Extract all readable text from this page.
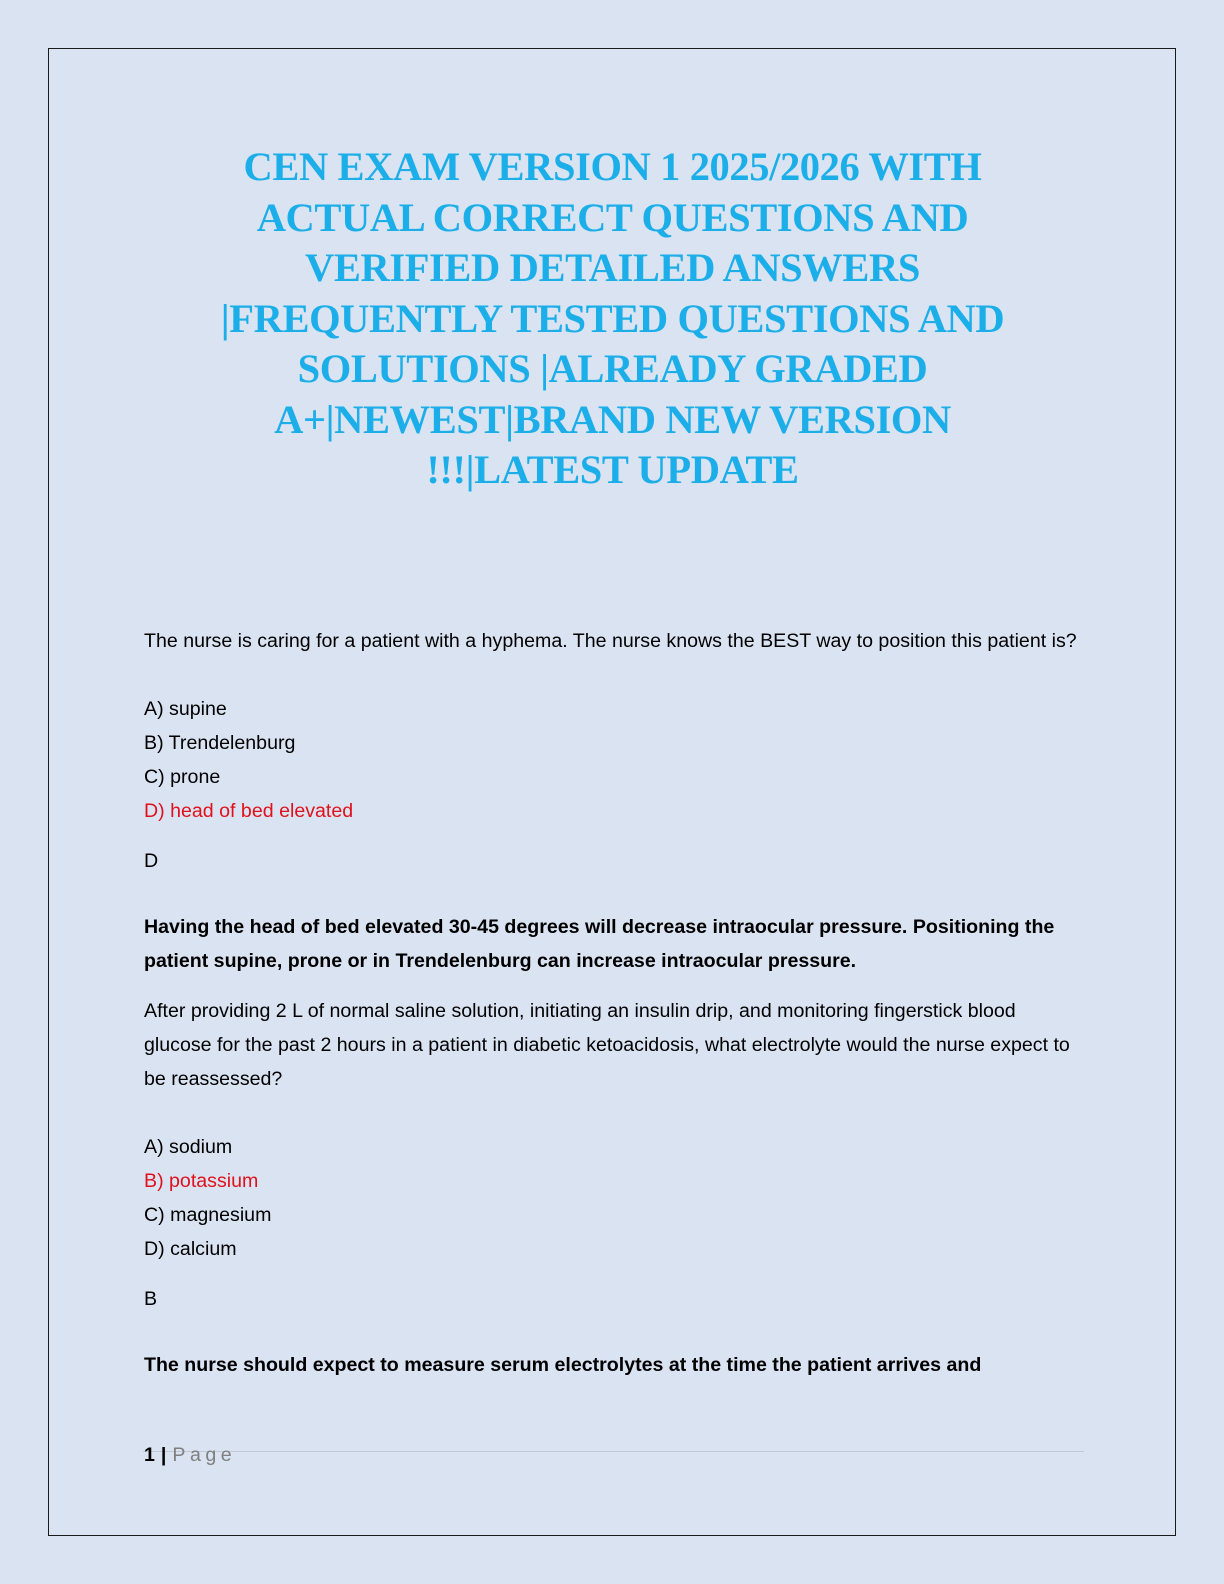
CEN EXAM VERSION 1 2025/2026 WITH
ACTUAL CORRECT QUESTIONS AND
VERIFIED DETAILED ANSWERS
|FREQUENTLY TESTED QUESTIONS AND
SOLUTIONS |ALREADY GRADED
A+|NEWEST|BRAND NEW VERSION
!!!|LATEST UPDATE

The nurse is caring for a patient with a hyphema. The nurse knows the BEST way to position this patient is?

A) supine
B) Trendelenburg
C) prone
D) head of bed elevated

D

Having the head of bed elevated 30-45 degrees will decrease intraocular pressure. Positioning the patient supine, prone or in Trendelenburg can increase intraocular pressure.

After providing 2 L of normal saline solution, initiating an insulin drip, and monitoring fingerstick blood glucose for the past 2 hours in a patient in diabetic ketoacidosis, what electrolyte would the nurse expect to be reassessed?

A) sodium
B) potassium
C) magnesium
D) calcium

B

The nurse should expect to measure serum electrolytes at the time the patient arrives and

1 | Page
